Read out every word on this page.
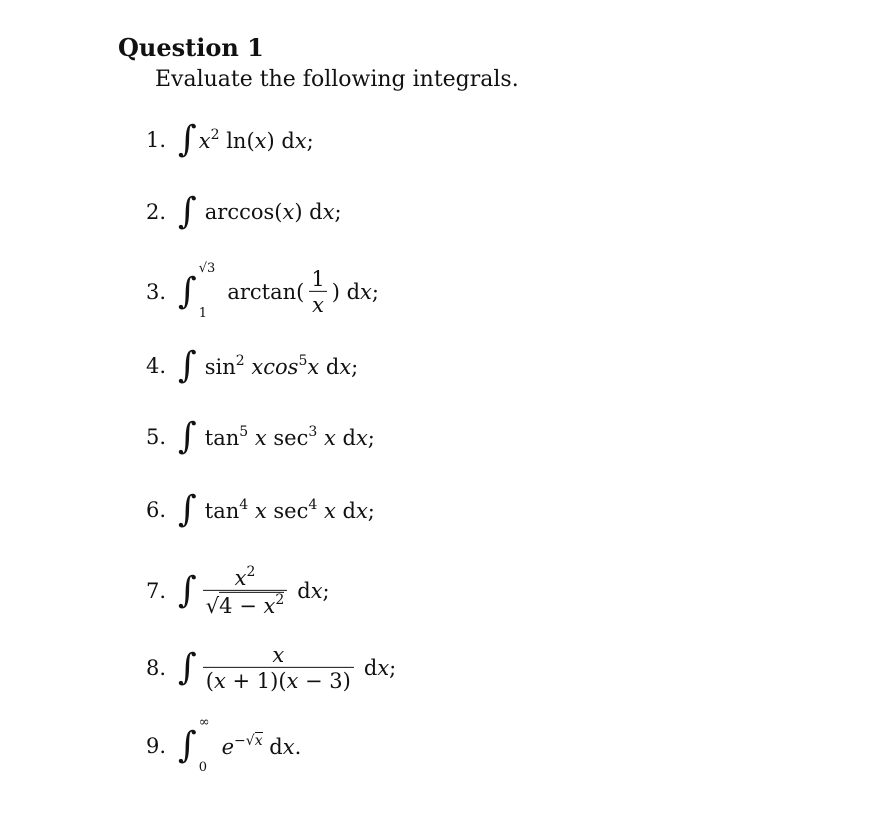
Question 1

Evaluate the following integrals.

1. ∫ $x^2$ ln(x) dx;
2. ∫ arccos(x) dx;
3. ∫
√3
1
$\arctan( \frac{1}{x}$ ) dx;
4. ∫ $\sin^2 xcos^5x$ dx;
5. ∫ $\tan^5 x$ $\sec^3 x$ dx;
6. ∫ $\tan^4 x$ $\sec^4 x$ dx;
7. ∫ $\frac{x^2}{√4 - x^2}$ dx;
8. ∫ $\frac{x}{(x + 1)(x - 3)}$ dx;
9. ∫
∞
0
$e^{-√x}$ dx.
